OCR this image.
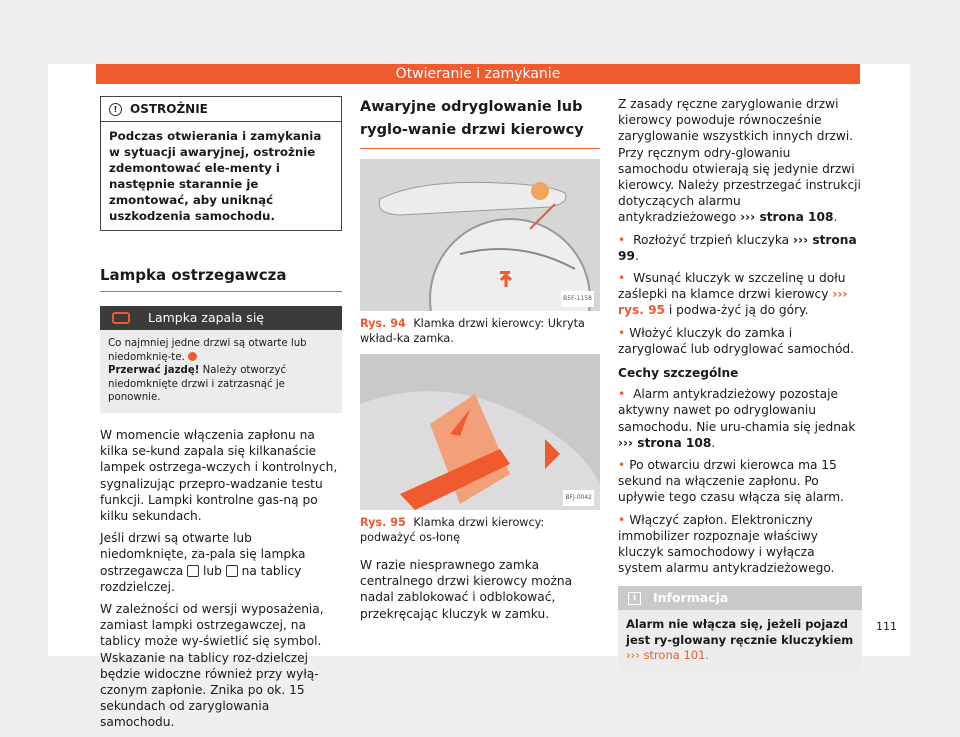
Otwieranie i zamykanie
!	OSTROŻNIE
Podczas otwierania i zamykania w sytuacji awaryjnej, ostrożnie zdemontować ele-menty i następnie starannie je zmontować, aby uniknąć uszkodzenia samochodu.
Lampka ostrzegawcza
Lampka zapala się
Co najmniej jedne drzwi są otwarte lub niedomknię-te.
Przerwać jazdę! Należy otworzyć niedomknięte drzwi i zatrzasnąć je ponownie.

W momencie włączenia zapłonu na kilka se-kund zapala się kilkanaście lampek ostrzega-wczych i kontrolnych, sygnalizując przepro-wadzanie testu funkcji. Lampki kontrolne gas-ną po kilku sekundach.

Jeśli drzwi są otwarte lub niedomknięte, za-pala się lampka ostrzegawcza lub na tablicy rozdzielczej.

W zależności od wersji wyposażenia, zamiast lampki ostrzegawczej, na tablicy może wy-świetlić się symbol. Wskazanie na tablicy roz-dzielczej będzie widoczne również przy wyłą-czonym zapłonie. Znika po ok. 15 sekundach od zaryglowania samochodu.

Awaryjne odryglowanie lub ryglo-wanie drzwi kierowcy
B5F-1158
Rys. 94 Klamka drzwi kierowcy: Ukryta wkład-ka zamka.
BFJ-0042
Rys. 95 Klamka drzwi kierowcy: podważyć os-łonę

W razie niesprawnego zamka centralnego drzwi kierowcy można nadal zablokować i odblokować, przekręcając kluczyk w zamku.

Z zasady ręczne zaryglowanie drzwi kierowcy powoduje równocześnie zaryglowanie wszystkich innych drzwi. Przy ręcznym odry-glowaniu samochodu otwierają się jedynie drzwi kierowcy. Należy przestrzegać instrukcji dotyczących alarmu antykradzieżowego ››› strona 108.

• Rozłożyć trzpień kluczyka ››› strona 99.

• Wsunąć kluczyk w szczelinę u dołu zaślepki na klamce drzwi kierowcy ››› rys. 95 i podwa-żyć ją do góry.

• Włożyć kluczyk do zamka i zaryglować lub odryglować samochód.

Cechy szczególne

• Alarm antykradzieżowy pozostaje aktywny nawet po odryglowaniu samochodu. Nie uru-chamia się jednak ››› strona 108.

• Po otwarciu drzwi kierowca ma 15 sekund na włączenie zapłonu. Po upływie tego czasu włącza się alarm.

• Włączyć zapłon. Elektroniczny immobilizer rozpoznaje właściwy kluczyk samochodowy i wyłącza system alarmu antykradzieżowego.

i	Informacja
Alarm nie włącza się, jeżeli pojazd jest ry-glowany ręcznie kluczykiem ››› strona 101.
111
